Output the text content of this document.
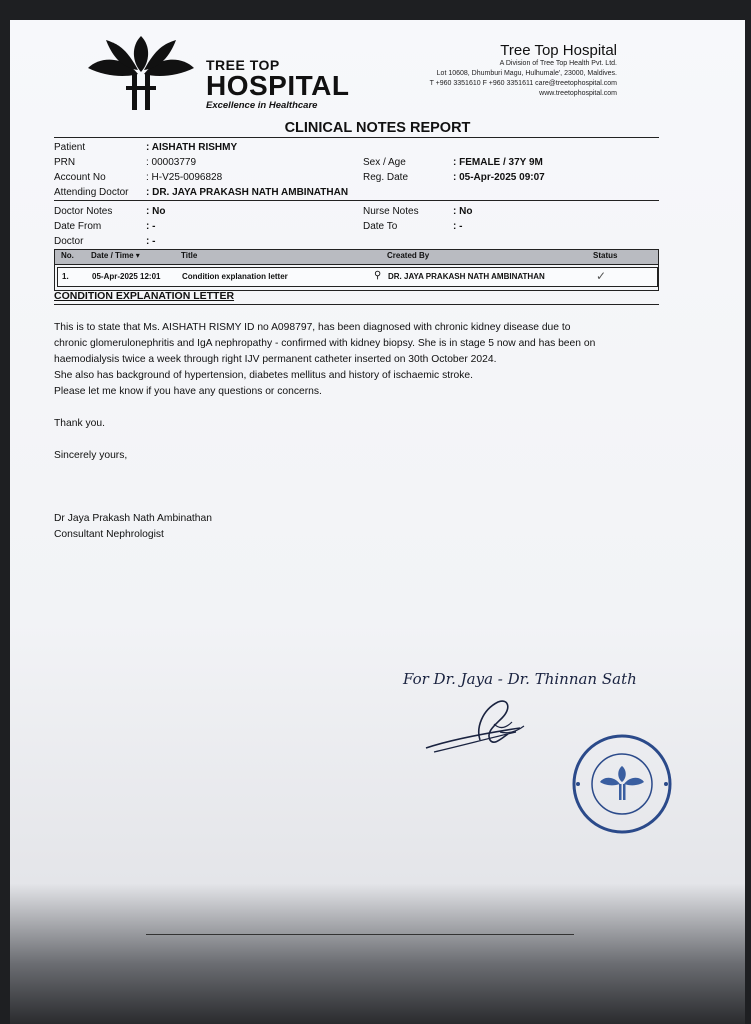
TREE TOP
HOSPITAL
Excellence in Healthcare
Tree Top Hospital
A Division of Tree Top Health Pvt. Ltd.
Lot 10608, Dhumburi Magu, Hulhumale', 23000, Maldives.
T +960 3351610 F +960 3351611 care@treetophospital.com
www.treetophospital.com
CLINICAL NOTES REPORT
Patient	: AISHATH RISHMY
PRN	: 00003779
Account No	: H-V25-0096828
Attending Doctor : DR. JAYA PRAKASH NATH AMBINATHAN
Sex / Age	: FEMALE / 37Y 9M
Reg. Date	: 05-Apr-2025 09:07
Doctor Notes	: No
Date From	: -
Doctor	: -
Nurse Notes	: No
Date To	: -
No. Date / Time ▾	Title	Created By	Status
1.	05-Apr-2025 12:01	Condition explanation letter	⚲ DR. JAYA PRAKASH NATH AMBINATHAN	✓
CONDITION EXPLANATION LETTER
This is to state that Ms. AISHATH RISMY ID no A098797, has been diagnosed with chronic kidney disease due to
chronic glomerulonephritis and IgA nephropathy - confirmed with kidney biopsy. She is in stage 5 now and has been on
haemodialysis twice a week through right IJV permanent catheter inserted on 30th October 2024.
She also has background of hypertension, diabetes mellitus and history of ischaemic stroke.
Please let me know if you have any questions or concerns.
Thank you.
Sincerely yours,
Dr Jaya Prakash Nath Ambinathan
Consultant Nephrologist
For Dr. Jaya - Dr. Thinnan Sath
